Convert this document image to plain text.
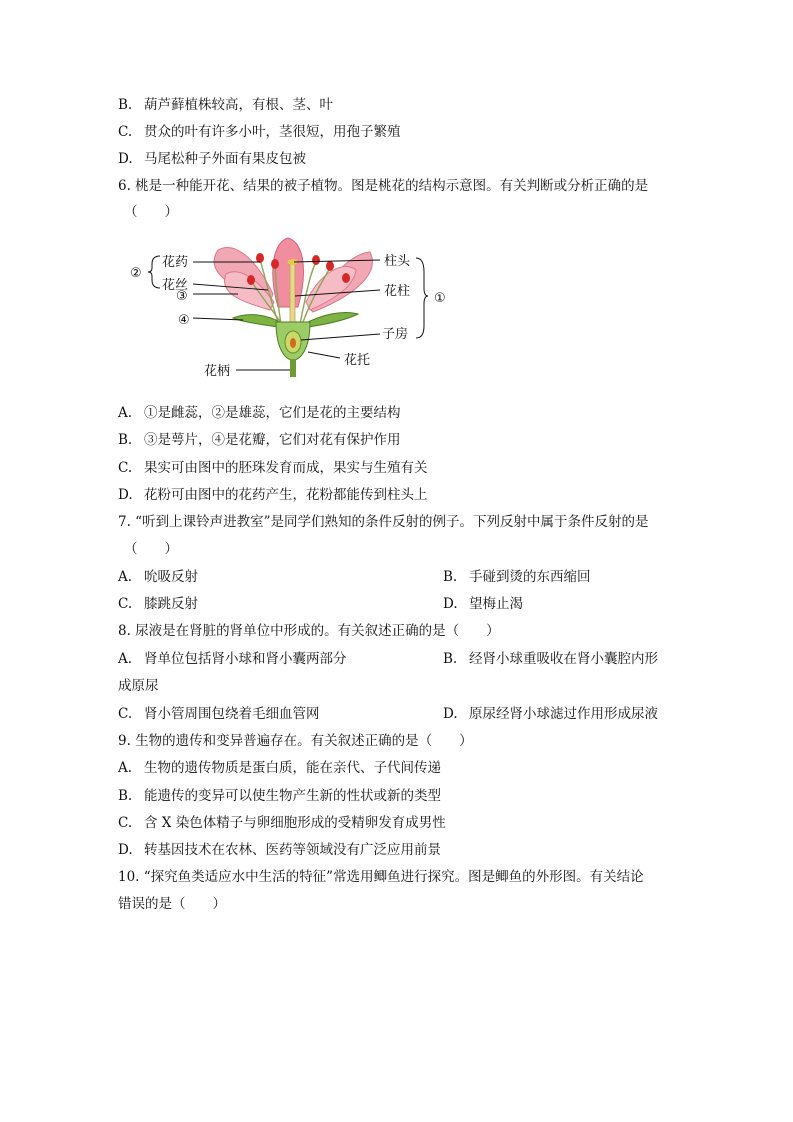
B. 葫芦藓植株较高，有根、茎、叶
C. 贯众的叶有许多小叶，茎很短，用孢子繁殖
D. 马尾松种子外面有果皮包被
6. 桃是一种能开花、结果的被子植物。图是桃花的结构示意图。有关判断或分析正确的是
（　　）
花药
花丝
②
③
④
柱头
花柱 ①
子房
花托
花柄
A. ①是雌蕊，②是雄蕊，它们是花的主要结构
B. ③是萼片，④是花瓣，它们对花有保护作用
C. 果实可由图中的胚珠发育而成，果实与生殖有关
D. 花粉可由图中的花药产生，花粉都能传到柱头上
7. “听到上课铃声进教室”是同学们熟知的条件反射的例子。下列反射中属于条件反射的是
（　　）
A. 吮吸反射	B. 手碰到烫的东西缩回
C. 膝跳反射	D. 望梅止渴
8. 尿液是在肾脏的肾单位中形成的。有关叙述正确的是（　　）
A. 肾单位包括肾小球和肾小囊两部分	B. 经肾小球重吸收在肾小囊腔内形
成原尿
C. 肾小管周围包绕着毛细血管网	D. 原尿经肾小球滤过作用形成尿液
9. 生物的遗传和变异普遍存在。有关叙述正确的是（　　）
A. 生物的遗传物质是蛋白质，能在亲代、子代间传递
B. 能遗传的变异可以使生物产生新的性状或新的类型
C. 含 X 染色体精子与卵细胞形成的受精卵发育成男性
D. 转基因技术在农林、医药等领域没有广泛应用前景
10. “探究鱼类适应水中生活的特征”常选用鲫鱼进行探究。图是鲫鱼的外形图。有关结论
错误的是（　　）
